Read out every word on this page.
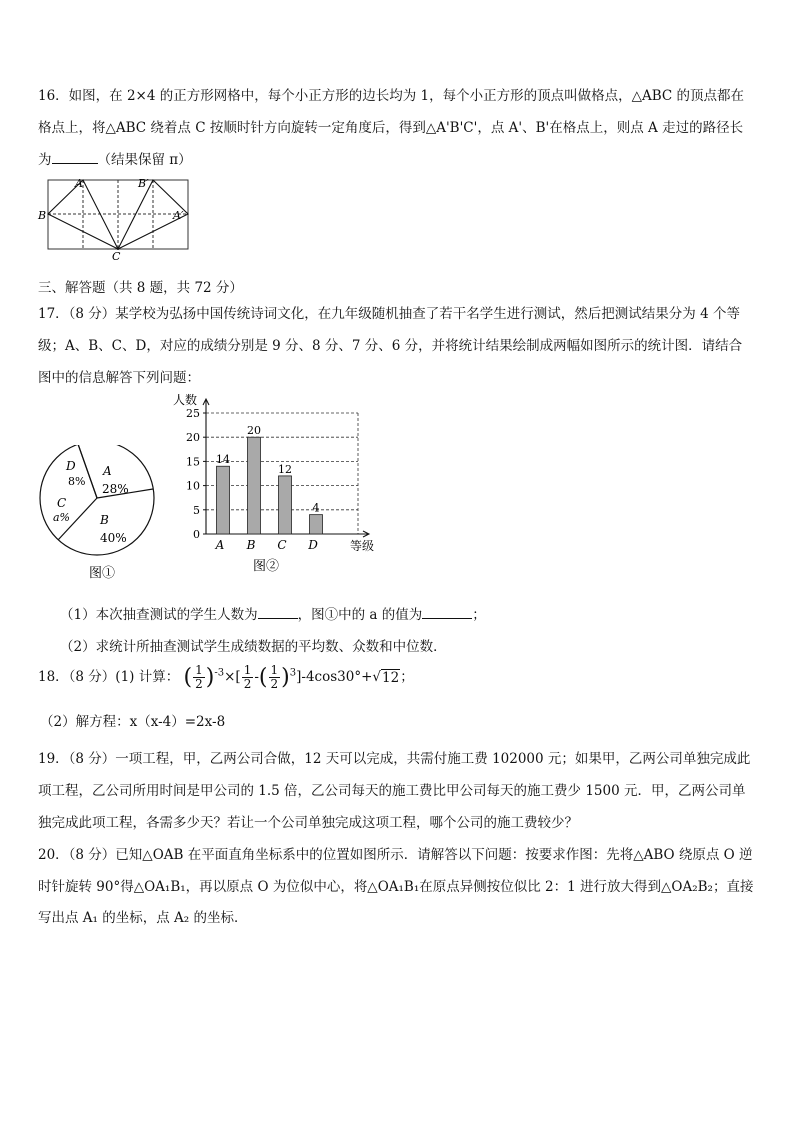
16．如图，在 2×4 的正方形网格中，每个小正方形的边长均为 1，每个小正方形的顶点叫做格点，△ABC 的顶点都在
格点上，将△ABC 绕着点 C 按顺时针方向旋转一定角度后，得到△A'B'C'，点 A'、B'在格点上，则点 A 走过的路径长
为	（结果保留 π）
A	B′
B	A′
C
三、解答题（共 8 题，共 72 分）
17．（8 分）某学校为弘扬中国传统诗词文化，在九年级随机抽查了若干名学生进行测试，然后把测试结果分为 4 个等
级；A、B、C、D，对应的成绩分别是 9 分、8 分、7 分、6 分，并将统计结果绘制成两幅如图所示的统计图．请结合
图中的信息解答下列问题：
D
8%
A
28%
C
a% B
40%
图①
人数
等级
图②
0
5
10
15
20
25
14
A
20
B
12
C
4
D
（1）本次抽查测试的学生人数为	，图①中的 a 的值为	；
（2）求统计所抽查测试学生成绩数据的平均数、众数和中位数．
18．（8 分）(1) 计算： ( $\frac{1}{2} )^{-3}\times[ \frac{1}{2}$ -( $\frac{1}{2} )^3]-4\cos 30^\circ+$ √ 12 ；
（2）解方程：x（x-4）=2x-8
19．（8 分）一项工程，甲，乙两公司合做，12 天可以完成，共需付施工费 102000 元；如果甲，乙两公司单独完成此
项工程，乙公司所用时间是甲公司的 1.5 倍，乙公司每天的施工费比甲公司每天的施工费少 1500 元．甲，乙两公司单
独完成此项工程，各需多少天？若让一个公司单独完成这项工程，哪个公司的施工费较少？
20．（8 分）已知△OAB 在平面直角坐标系中的位置如图所示．请解答以下问题：按要求作图：先将△ABO 绕原点 O 逆
时针旋转 90°得△OA₁B₁，再以原点 O 为位似中心，将△OA₁B₁在原点异侧按位似比 2：1 进行放大得到△OA₂B₂；直接
写出点 A₁ 的坐标，点 A₂ 的坐标．
